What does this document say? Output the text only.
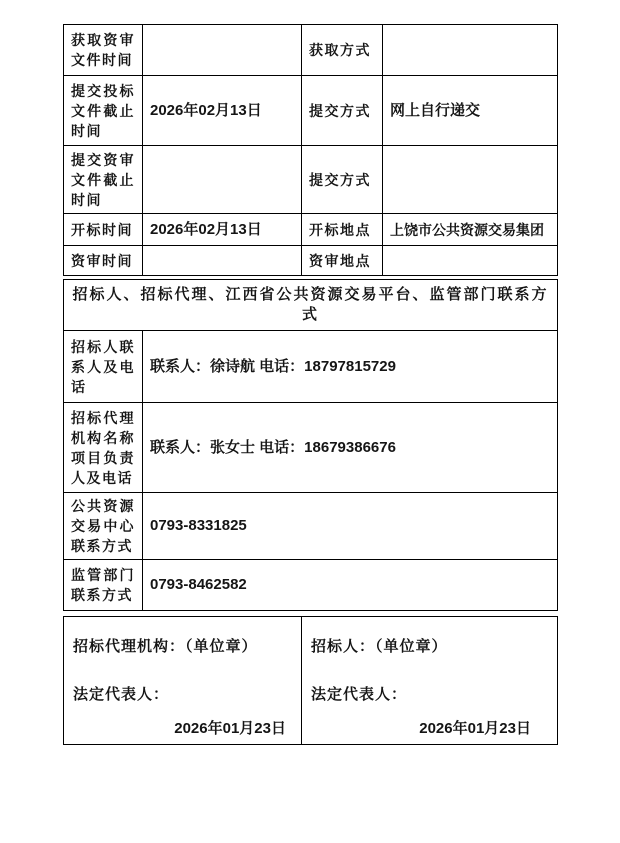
获取资审文件时间		获取方式	
提交投标文件截止时间	2026年02月13日	提交方式	网上自行递交
提交资审文件截止时间		提交方式	
开标时间	2026年02月13日	开标地点	上饶市公共资源交易集团
资审时间		资审地点	
招标人、招标代理、江西省公共资源交易平台、监管部门联系方式	
招标人联系人及电话	联系人：徐诗航 电话：18797815729
招标代理机构名称项目负责人及电话	联系人：张女士 电话：18679386676
公共资源交易中心联系方式	0793-8331825
监管部门联系方式	0793-8462582
招标代理机构：（单位章）
法定代表人：
2026年01月23日

招标人：（单位章）
法定代表人：
2026年01月23日
